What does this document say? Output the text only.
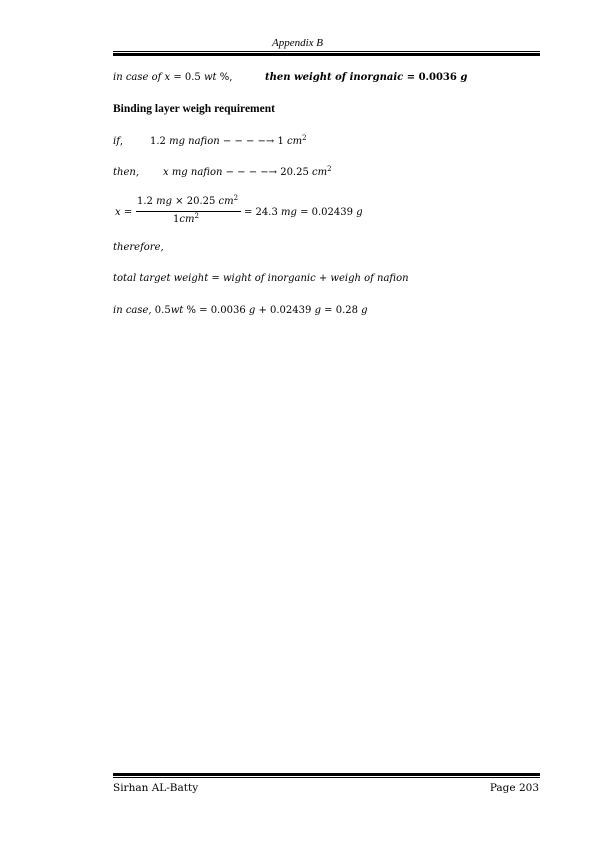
Appendix B
in case of x = 0.5 wt %,	then weight of inorgnaic = 0.0036 g
Binding layer weigh requirement
if,	1.2 mg nafion − − − −→ 1 $cm^2$
then, x mg nafion − − − −→ 20.25 $cm^2$
x =
1.2 mg × 20.25 $cm^2$
$1cm^2$	= 24.3 mg = 0.02439 g
therefore,
total target weight = wight of inorganic + weigh of nafion
in case, 0.5wt % = 0.0036 g + 0.02439 g = 0.28 g
Sirhan AL-Batty	Page 203
